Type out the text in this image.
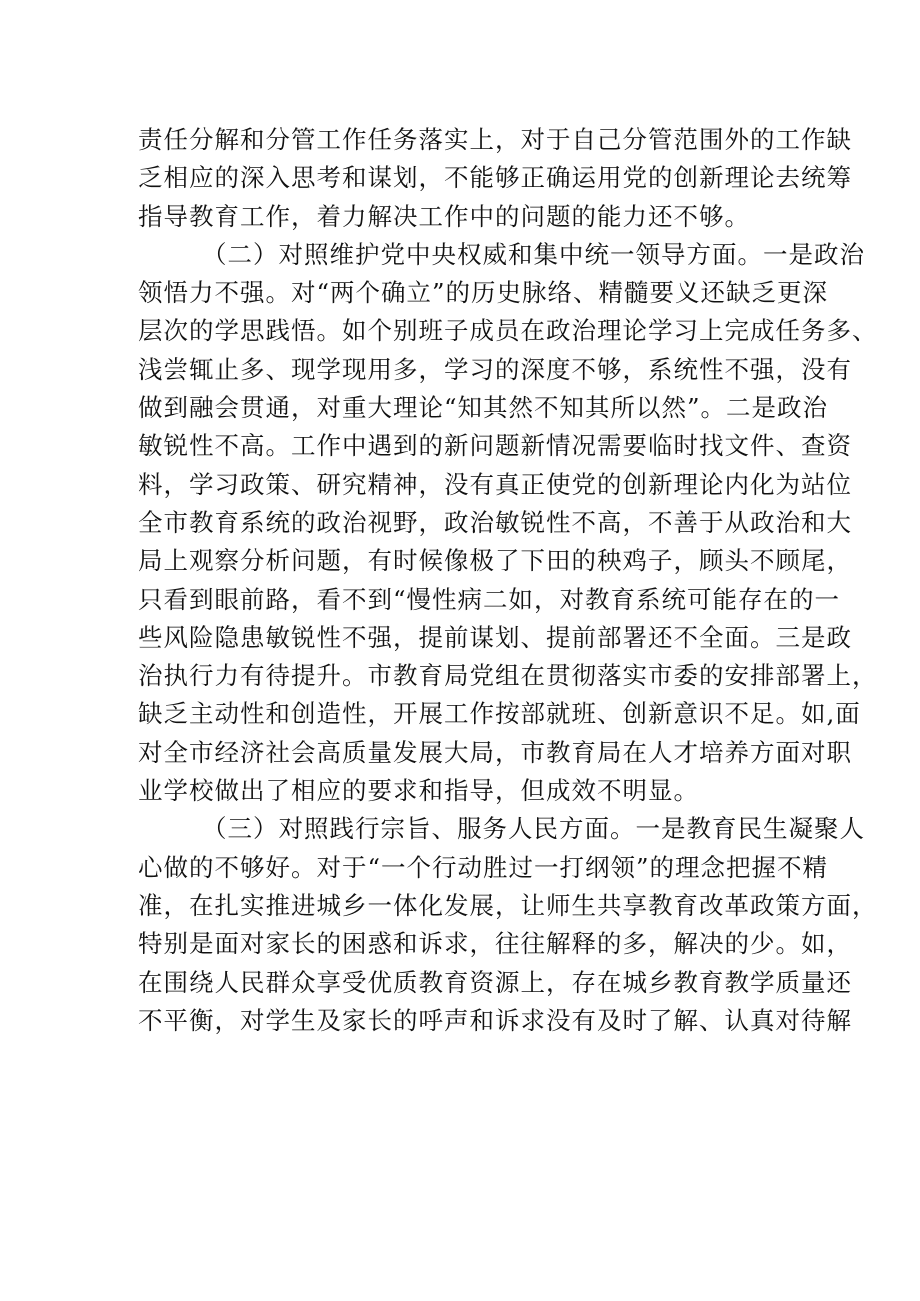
责任分解和分管工作任务落实上，对于自己分管范围外的工作缺
乏相应的深入思考和谋划，不能够正确运用党的创新理论去统筹
指导教育工作，着力解决工作中的问题的能力还不够。
（二）对照维护党中央权威和集中统一领导方面。一是政治
领悟力不强。对“两个确立”的历史脉络、精髓要义还缺乏更深
层次的学思践悟。如个别班子成员在政治理论学习上完成任务多、
浅尝辄止多、现学现用多，学习的深度不够，系统性不强，没有
做到融会贯通，对重大理论“知其然不知其所以然”。二是政治
敏锐性不高。工作中遇到的新问题新情况需要临时找文件、查资
料，学习政策、研究精神，没有真正使党的创新理论内化为站位
全市教育系统的政治视野，政治敏锐性不高，不善于从政治和大
局上观察分析问题，有时候像极了下田的秧鸡子，顾头不顾尾，
只看到眼前路，看不到“慢性病二如，对教育系统可能存在的一
些风险隐患敏锐性不强，提前谋划、提前部署还不全面。三是政
治执行力有待提升。市教育局党组在贯彻落实市委的安排部署上，
缺乏主动性和创造性，开展工作按部就班、创新意识不足。如,面
对全市经济社会高质量发展大局，市教育局在人才培养方面对职
业学校做出了相应的要求和指导，但成效不明显。
（三）对照践行宗旨、服务人民方面。一是教育民生凝聚人
心做的不够好。对于“一个行动胜过一打纲领”的理念把握不精
准，在扎实推进城乡一体化发展，让师生共享教育改革政策方面，
特别是面对家长的困惑和诉求，往往解释的多，解决的少。如，
在围绕人民群众享受优质教育资源上，存在城乡教育教学质量还
不平衡，对学生及家长的呼声和诉求没有及时了解、认真对待解
